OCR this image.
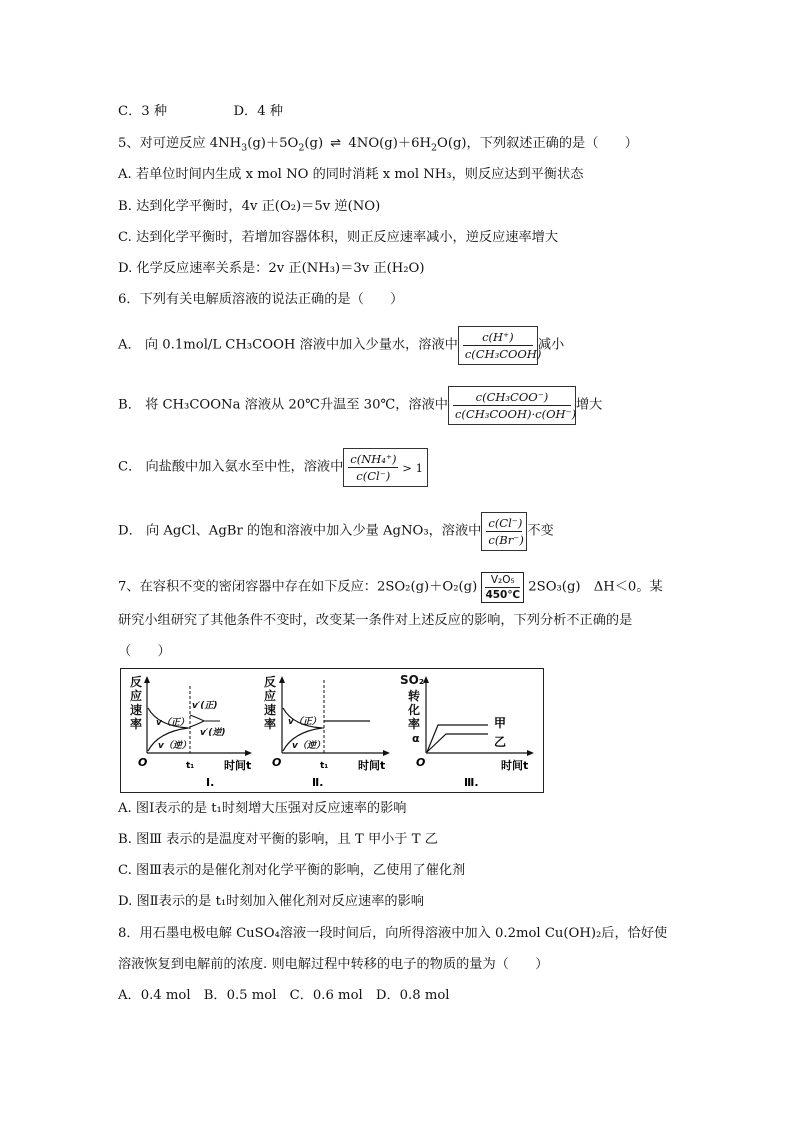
C．3 种	D．4 种
5、对可逆反应 $4NH_3(g)+5O_2(g)$ ⇌ $4NO(g)+6H_2O(g)$，下列叙述正确的是（　　）
A. 若单位时间内生成 x mol NO 的同时消耗 x mol NH₃，则反应达到平衡状态
B. 达到化学平衡时，4v 正(O₂)＝5v 逆(NO)
C. 达到化学平衡时，若增加容器体积，则正反应速率减小，逆反应速率增大
D. 化学反应速率关系是：2v 正(NH₃)＝3v 正(H₂O)
6．下列有关电解质溶液的说法正确的是（　　）
A． 向 0.1mol/L CH₃COOH 溶液中加入少量水，溶液中 $\frac{c(H^+)}{\text{c(CH₃COOH)}}$ 减小
B． 将 CH₃COONa 溶液从 20℃升温至 30℃，溶液中 $\frac{\text{c(CH₃COO⁻)}}{\text{c(CH₃COOH)·c(OH⁻)}}$ 增大
C． 向盐酸中加入氨水至中性，溶液中 $\frac{\text{c(NH₄⁺)}}{c(Cl^-)} > 1$
D． 向 AgCl、AgBr 的饱和溶液中加入少量 AgNO₃，溶液中 $\frac{c(Cl^-)}{c(Br^-)}$ 不变
7、在容积不变的密闭容器中存在如下反应：$2SO_2(g)+O_2(g) \frac{\text{V₂O₅}}{450℃} 2SO_3(g)$　ΔH＜0。某
研究小组研究了其他条件不变时，改变某一条件对上述反应的影响，下列分析不正确的是
（　　）
反
应
速
率 v（正）
v（逆）
v′(正)
v′(逆)
O	t₁	时间t
Ⅰ.
反
应
速
率 v（正）
v（逆）
O	t₁	时间t
Ⅱ.
SO₂
转
化
率
α
甲
乙
O	时间t
Ⅲ.
A. 图Ⅰ表示的是 t₁时刻增大压强对反应速率的影响
B. 图Ⅲ 表示的是温度对平衡的影响，且 T 甲小于 T 乙
C. 图Ⅲ表示的是催化剂对化学平衡的影响，乙使用了催化剂
D. 图Ⅱ表示的是 t₁时刻加入催化剂对反应速率的影响
8．用石墨电极电解 CuSO₄溶液一段时间后，向所得溶液中加入 0.2mol Cu(OH)₂后，恰好使
溶液恢复到电解前的浓度. 则电解过程中转移的电子的物质的量为（　　）
A．0.4 mol　B．0.5 mol　C．0.6 mol　D．0.8 mol
